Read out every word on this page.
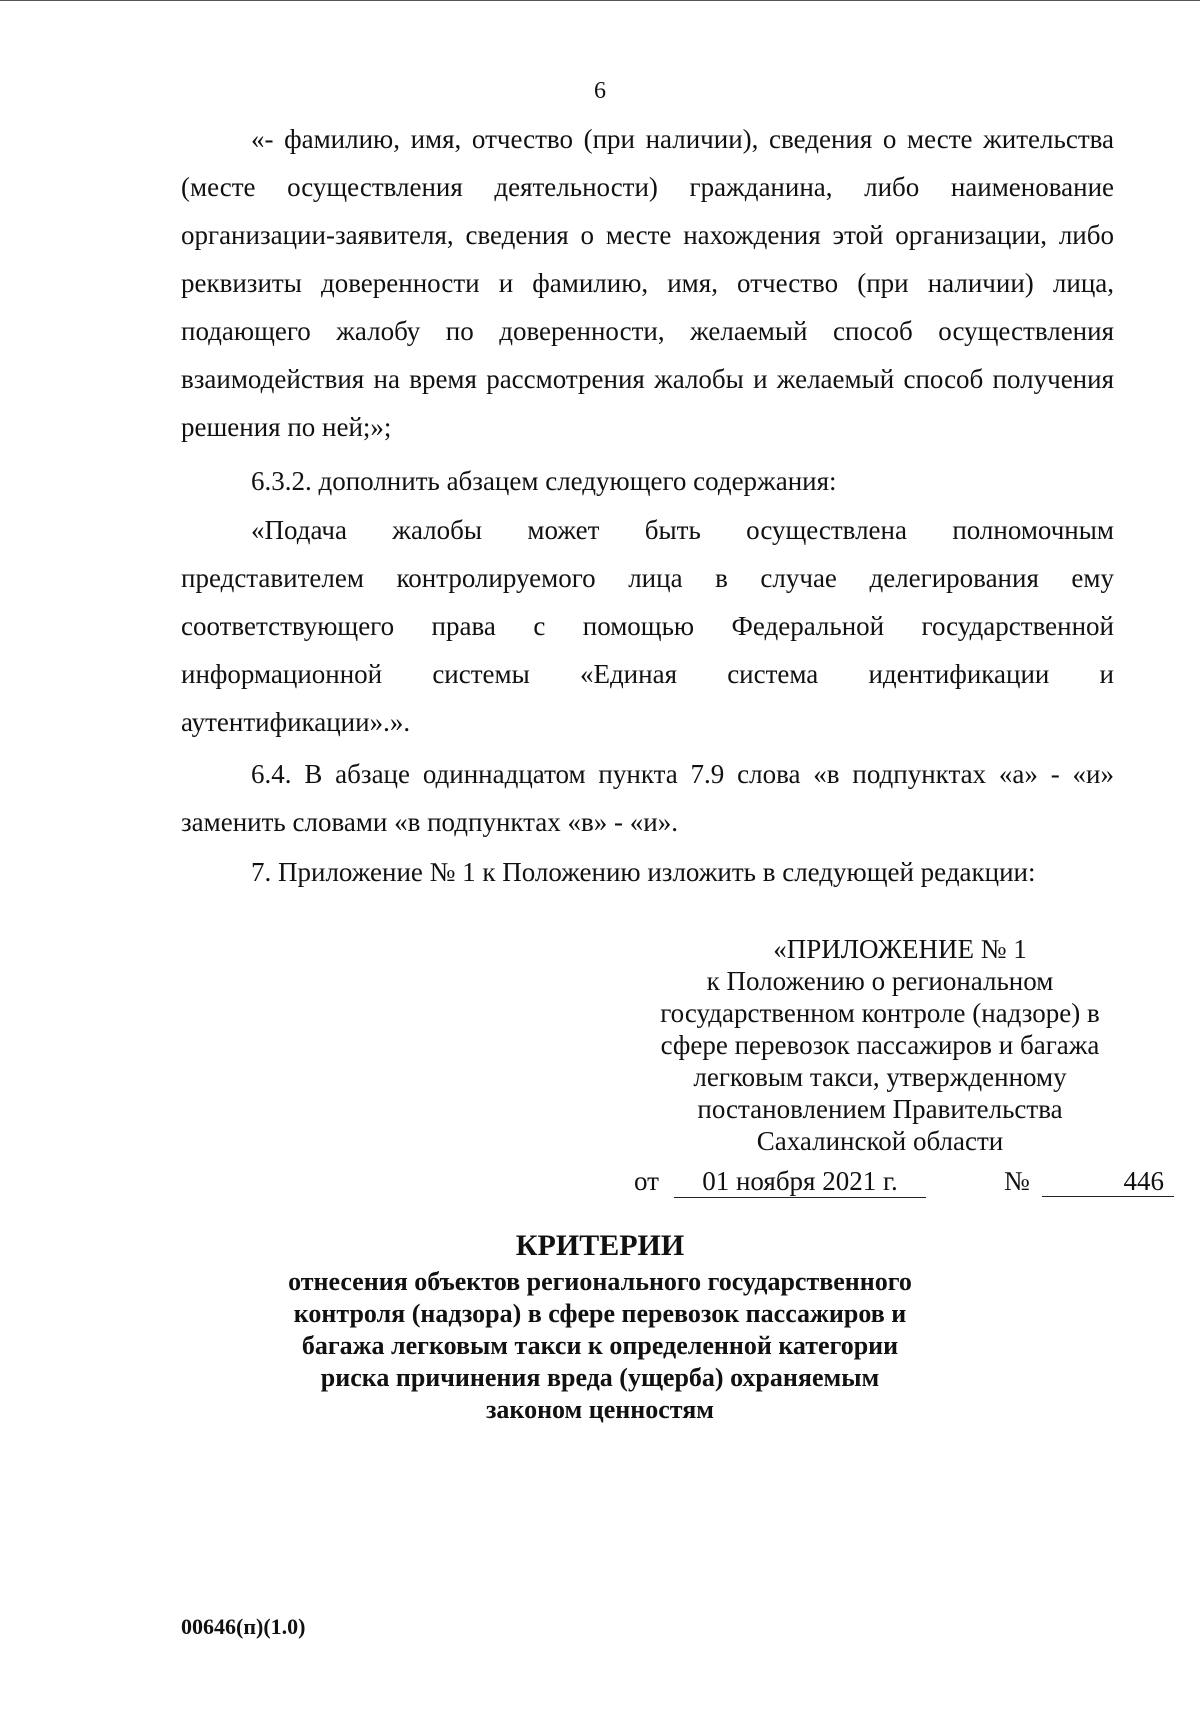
6
«- фамилию, имя, отчество (при наличии), сведения о месте жительства
(месте осуществления деятельности) гражданина, либо наименование
организации-заявителя, сведения о месте нахождения этой организации, либо
реквизиты доверенности и фамилию, имя, отчество (при наличии) лица,
подающего жалобу по доверенности, желаемый способ осуществления
взаимодействия на время рассмотрения жалобы и желаемый способ получения
решения по ней;»;
6.3.2. дополнить абзацем следующего содержания:
«Подача жалобы может быть осуществлена полномочным
представителем контролируемого лица в случае делегирования ему
соответствующего права с помощью Федеральной государственной
информационной системы «Единая система идентификации и
аутентификации».».
6.4. В абзаце одиннадцатом пункта 7.9 слова «в подпунктах «а» - «и»
заменить словами «в подпунктах «в» - «и».
7. Приложение № 1 к Положению изложить в следующей редакции:
«ПРИЛОЖЕНИЕ № 1
к Положению о региональном
государственном контроле (надзоре) в
сфере перевозок пассажиров и багажа
легковым такси, утвержденному
постановлением Правительства
Сахалинской области
от	01 ноября 2021 г.	№	446
КРИТЕРИИ
отнесения объектов регионального государственного
контроля (надзора) в сфере перевозок пассажиров и
багажа легковым такси к определенной категории
риска причинения вреда (ущерба) охраняемым
законом ценностям
00646(п)(1.0)
